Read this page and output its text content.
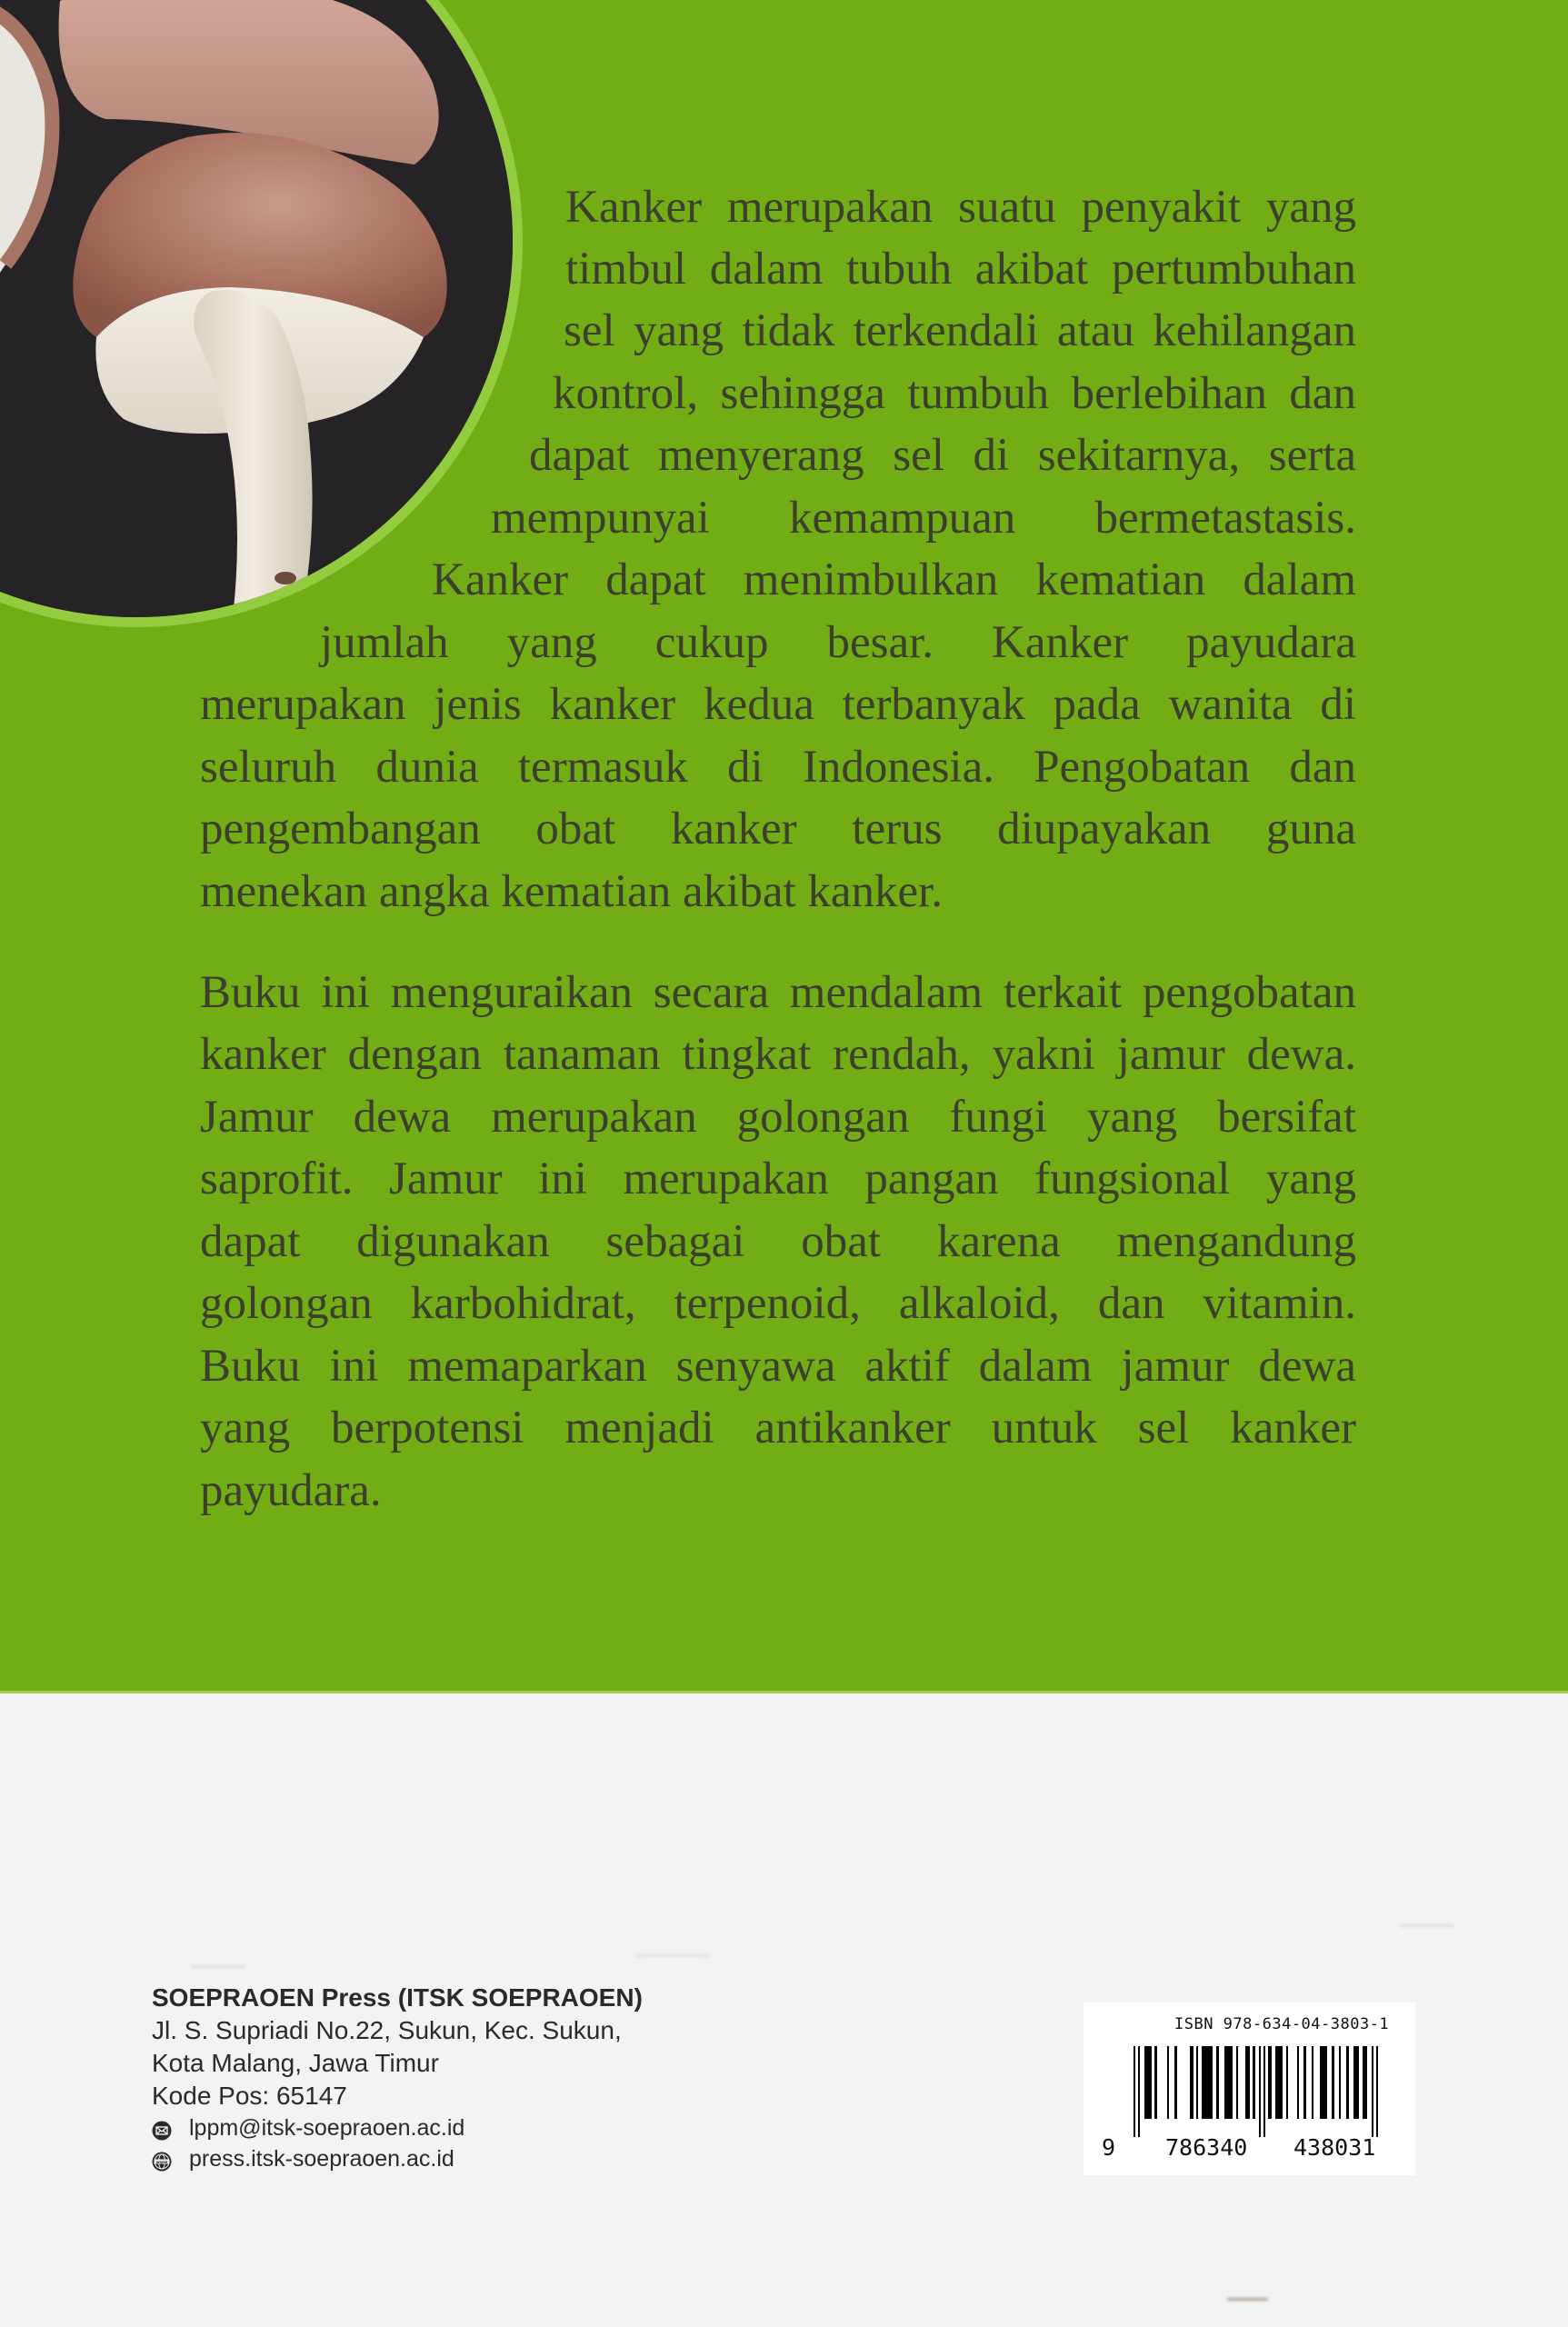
Kanker merupakan suatu penyakit yang
timbul dalam tubuh akibat pertumbuhan
sel yang tidak terkendali atau kehilangan
kontrol, sehingga tumbuh berlebihan dan
dapat menyerang sel di sekitarnya, serta
mempunyai kemampuan bermetastasis.
Kanker dapat menimbulkan kematian dalam
jumlah yang cukup besar. Kanker payudara
merupakan jenis kanker kedua terbanyak pada wanita di
seluruh dunia termasuk di Indonesia. Pengobatan dan
pengembangan obat kanker terus diupayakan guna
menekan angka kematian akibat kanker.
Buku ini menguraikan secara mendalam terkait pengobatan
kanker dengan tanaman tingkat rendah, yakni jamur dewa.
Jamur dewa merupakan golongan fungi yang bersifat
saprofit. Jamur ini merupakan pangan fungsional yang
dapat digunakan sebagai obat karena mengandung
golongan karbohidrat, terpenoid, alkaloid, dan vitamin.
Buku ini memaparkan senyawa aktif dalam jamur dewa
yang berpotensi menjadi antikanker untuk sel kanker
payudara.
SOEPRAOEN Press (ITSK SOEPRAOEN)
Jl. S. Supriadi No.22, Sukun, Kec. Sukun,
Kota Malang, Jawa Timur
Kode Pos: 65147
lppm@itsk-soepraoen.ac.id
www press.itsk-soepraoen.ac.id
ISBN 978-634-04-3803-1
9 786340 438031
